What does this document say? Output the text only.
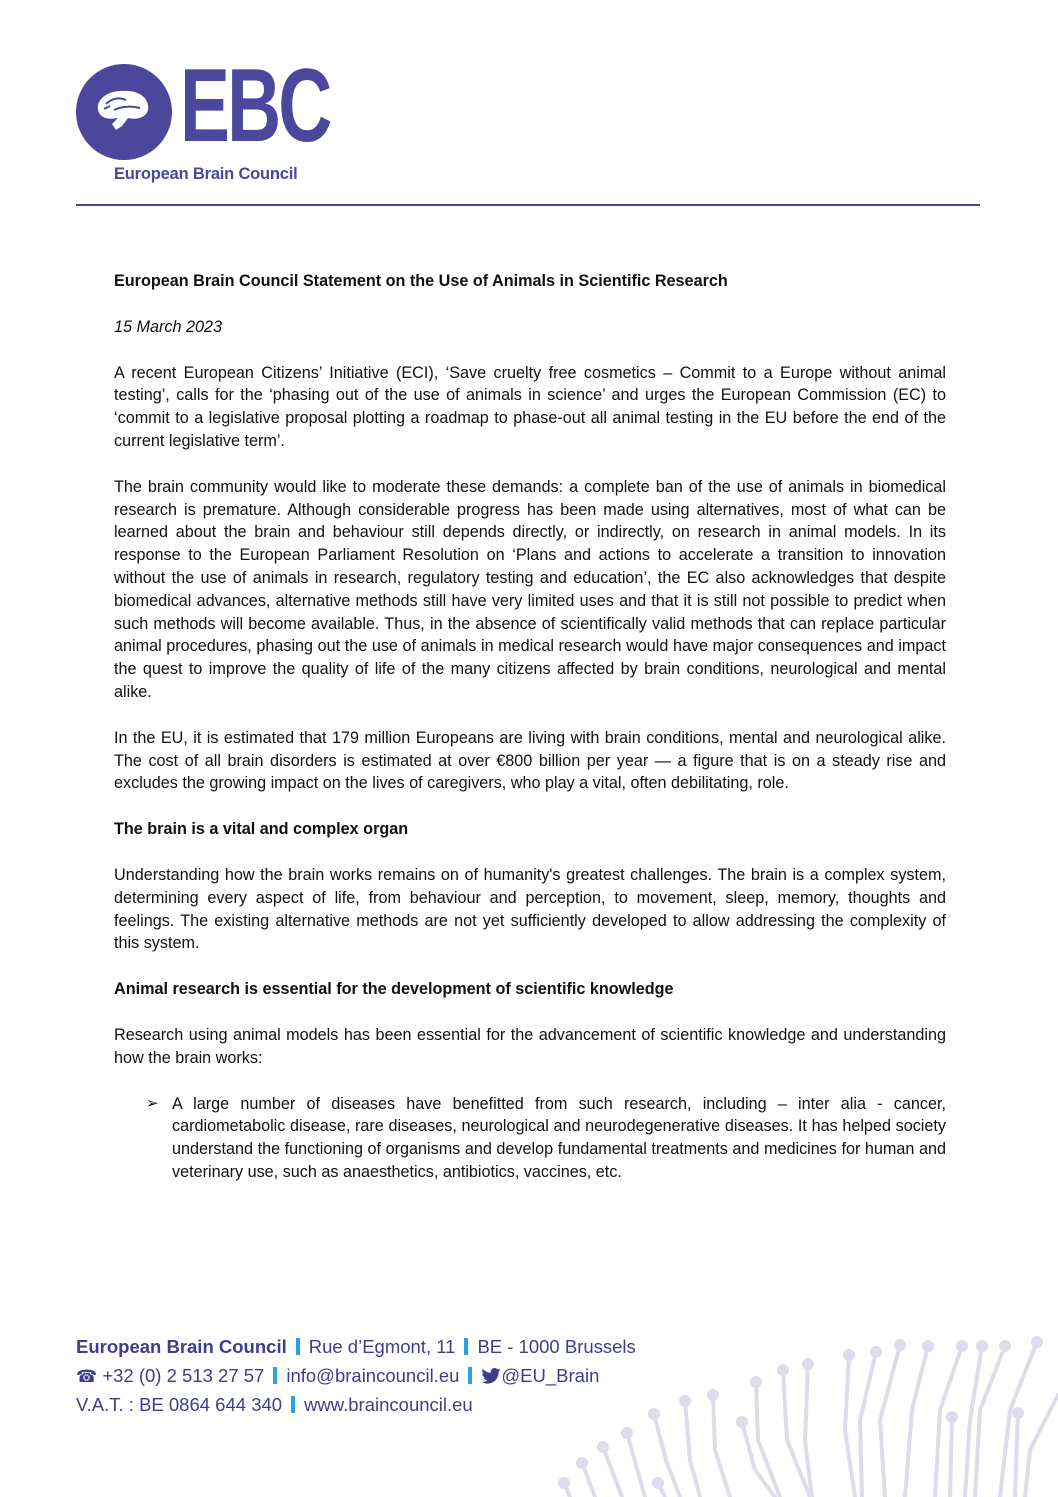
EBC
European Brain Council

European Brain Council Statement on the Use of Animals in Scientific Research

15 March 2023

A recent European Citizens’ Initiative (ECI), ‘Save cruelty free cosmetics – Commit to a Europe without animal testing’, calls for the ‘phasing out of the use of animals in science’ and urges the European Commission (EC) to ‘commit to a legislative proposal plotting a roadmap to phase-out all animal testing in the EU before the end of the current legislative term’.

The brain community would like to moderate these demands: a complete ban of the use of animals in biomedical research is premature. Although considerable progress has been made using alternatives, most of what can be learned about the brain and behaviour still depends directly, or indirectly, on research in animal models. In its response to the European Parliament Resolution on ‘Plans and actions to accelerate a transition to innovation without the use of animals in research, regulatory testing and education’, the EC also acknowledges that despite biomedical advances, alternative methods still have very limited uses and that it is still not possible to predict when such methods will become available. Thus, in the absence of scientifically valid methods that can replace particular animal procedures, phasing out the use of animals in medical research would have major consequences and impact the quest to improve the quality of life of the many citizens affected by brain conditions, neurological and mental alike.

In the EU, it is estimated that 179 million Europeans are living with brain conditions, mental and neurological alike. The cost of all brain disorders is estimated at over €800 billion per year — a figure that is on a steady rise and excludes the growing impact on the lives of caregivers, who play a vital, often debilitating, role.

The brain is a vital and complex organ

Understanding how the brain works remains on of humanity's greatest challenges. The brain is a complex system, determining every aspect of life, from behaviour and perception, to movement, sleep, memory, thoughts and feelings. The existing alternative methods are not yet sufficiently developed to allow addressing the complexity of this system.

Animal research is essential for the development of scientific knowledge

Research using animal models has been essential for the advancement of scientific knowledge and understanding how the brain works:

➢ A large number of diseases have benefitted from such research, including – inter alia - cancer, cardiometabolic disease, rare diseases, neurological and neurodegenerative diseases. It has helped society understand the functioning of organisms and develop fundamental treatments and medicines for human and veterinary use, such as anaesthetics, antibiotics, vaccines, etc.
European Brain Council Rue d’Egmont, 11 BE - 1000 Brussels
☎ +32 (0) 2 513 27 57 info@braincouncil.eu @EU_Brain
V.A.T. : BE 0864 644 340 www.braincouncil.eu
